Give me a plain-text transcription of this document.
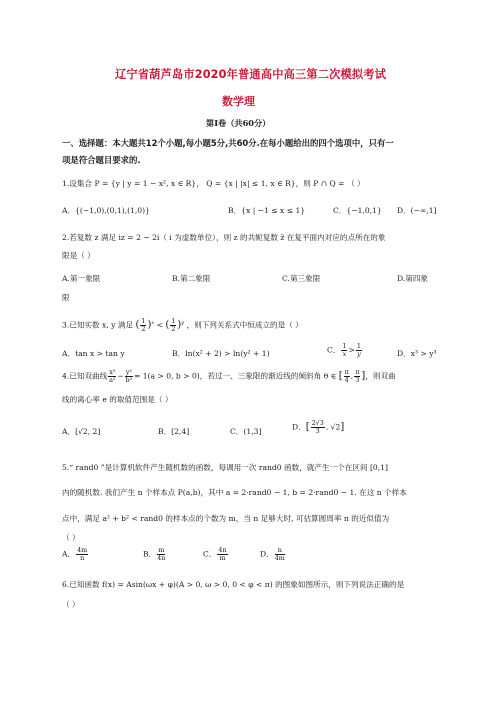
辽宁省葫芦岛市2020年普通高中高三第二次模拟考试
数学理
第Ⅰ卷（共60分）
一、选择题：本大题共12个小题,每小题5分,共60分.在每小题给出的四个选项中，只有一
项是符合题目要求的.
1.设集合 P = {y | y = 1 − x², x ∈ R}， Q = {x | |x| ≤ 1, x ∈ R}，则 P ∩ Q = （ ）
A．{(−1,0),(0,1),(1,0)}	B．{x | −1 ≤ x ≤ 1}	C．{−1,0,1} D．(−∞,1]
2.若复数 z 满足 iz = 2 − 2i（ i 为虚数单位），则 z 的共轭复数 z̄ 在复平面内对应的点所在的象
限是（ ）
A.第一象限	B.第二象限	C.第三象限	D.第四象
限
3.已知实数 x, y 满足 ( $\frac{1}{2} )^x$ < ( $\frac{1}{2} )^y$ ，则下列关系式中恒成立的是（ ）
A．tan x > tan y	B．ln(x² + 2) > ln(y² + 1)	C． $\frac{1}{x} > \frac{1}{y}$	D．x³ > y³
4.已知双曲线 $\frac{\text{x²}}{\text{a²}} - \frac{\text{y²}}{\text{b²}} = 1(a > 0$, b > 0)，若过一、三象限的渐近线的倾斜角 θ ∈ [ $\frac{\pi}{4}$ , $\frac{\pi}{3}$ ]，则双曲
线的离心率 e 的取值范围是（ ）
A．[√2, 2]	B．[2,4]	C．(1,3]	D．[ $\frac{2√3}{3}$ , √2]
5.“ rand0 ”是计算机软件产生随机数的函数，每调用一次 rand0 函数，就产生一个在区间 [0,1]
内的随机数. 我们产生 n 个样本点 P(a,b)，其中 a = 2·rand0 − 1, b = 2·rand0 − 1. 在这 n 个样本
点中，满足 a² + b² < rand0 的样本点的个数为 m，当 n 足够大时, 可估算圆周率 π 的近似值为
（ ）
A． $\frac{4m}{n}$	B． $\frac{m}{4n}$	C． $\frac{4n}{m}$	D． $\frac{n}{4m}$
6.已知函数 f(x) = Asin(ωx + φ)(A > 0, ω > 0, 0 < φ < π) 的图象如图所示，则下列说法正确的是
（ ）
